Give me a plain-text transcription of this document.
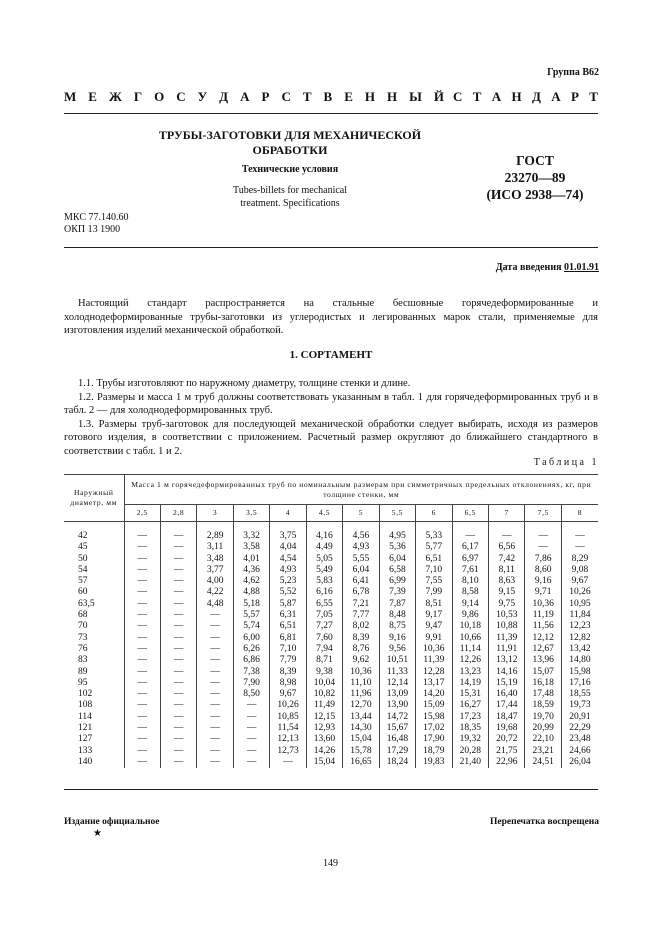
Группа В62
М Е Ж Г О С У Д А Р С Т В Е Н Н Ы Й С Т А Н Д А Р Т
ТРУБЫ-ЗАГОТОВКИ ДЛЯ МЕХАНИЧЕСКОЙ
ОБРАБОТКИ
Технические условия
Tubes-billets for mechanical
treatment. Specifications
ГОСТ
23270—89
(ИСО 2938—74)
МКС 77.140.60
ОКП 13 1900
Дата введения 01.01.91
Настоящий стандарт распространяется на стальные бесшовные горячедеформированные и холоднодеформированные трубы-заготовки из углеродистых и легированных марок стали, применяемые для изготовления изделий механической обработкой.
1. СОРТАМЕНТ
1.1. Трубы изготовляют по наружному диаметру, толщине стенки и длине.
1.2. Размеры и масса 1 м труб должны соответствовать указанным в табл. 1 для горячедеформированных труб и в табл. 2 — для холоднодеформированных труб.
1.3. Размеры труб-заготовок для последующей механической обработки следует выбирать, исходя из размеров готового изделия, в соответствии с приложением. Расчетный размер округляют до ближайшего стандартного в соответствии с табл. 1 и 2.
Таблица 1
Наружный диаметр, мм	Масса 1 м горячедеформированных труб по номинальным размерам при симметричных предельных отклонениях, кг, при толщине стенки, мм												
	2,5	2,8	3	3,5	4	4,5	5	5,5	6	6,5	7	7,5	8
42	—	—	2,89	3,32	3,75	4,16	4,56	4,95	5,33	—	—	—	—
45	—	—	3,11	3,58	4,04	4,49	4,93	5,36	5,77	6,17	6,56	—	—
50	—	—	3,48	4,01	4,54	5,05	5,55	6,04	6,51	6,97	7,42	7,86	8,29
54	—	—	3,77	4,36	4,93	5,49	6,04	6,58	7,10	7,61	8,11	8,60	9,08
57	—	—	4,00	4,62	5,23	5,83	6,41	6,99	7,55	8,10	8,63	9,16	9,67
60	—	—	4,22	4,88	5,52	6,16	6,78	7,39	7,99	8,58	9,15	9,71	10,26
63,5	—	—	4,48	5,18	5,87	6,55	7,21	7,87	8,51	9,14	9,75	10,36	10,95
68	—	—	—	5,57	6,31	7,05	7,77	8,48	9,17	9,86	10,53	11,19	11,84
70	—	—	—	5,74	6,51	7,27	8,02	8,75	9,47	10,18	10,88	11,56	12,23
73	—	—	—	6,00	6,81	7,60	8,39	9,16	9,91	10,66	11,39	12,12	12,82
76	—	—	—	6,26	7,10	7,94	8,76	9,56	10,36	11,14	11,91	12,67	13,42
83	—	—	—	6,86	7,79	8,71	9,62	10,51	11,39	12,26	13,12	13,96	14,80
89	—	—	—	7,38	8,39	9,38	10,36	11,33	12,28	13,23	14,16	15,07	15,98
95	—	—	—	7,90	8,98	10,04	11,10	12,14	13,17	14,19	15,19	16,18	17,16
102	—	—	—	8,50	9,67	10,82	11,96	13,09	14,20	15,31	16,40	17,48	18,55
108	—	—	—	—	10,26	11,49	12,70	13,90	15,09	16,27	17,44	18,59	19,73
114	—	—	—	—	10,85	12,15	13,44	14,72	15,98	17,23	18,47	19,70	20,91
121	—	—	—	—	11,54	12,93	14,30	15,67	17,02	18,35	19,68	20,99	22,29
127	—	—	—	—	12,13	13,60	15,04	16,48	17,90	19,32	20,72	22,10	23,48
133	—	—	—	—	12,73	14,26	15,78	17,29	18,79	20,28	21,75	23,21	24,66
140	—	—	—	—	—	15,04	16,65	18,24	19,83	21,40	22,96	24,51	26,04
Издание официальное
★
Перепечатка воспрещена
149
